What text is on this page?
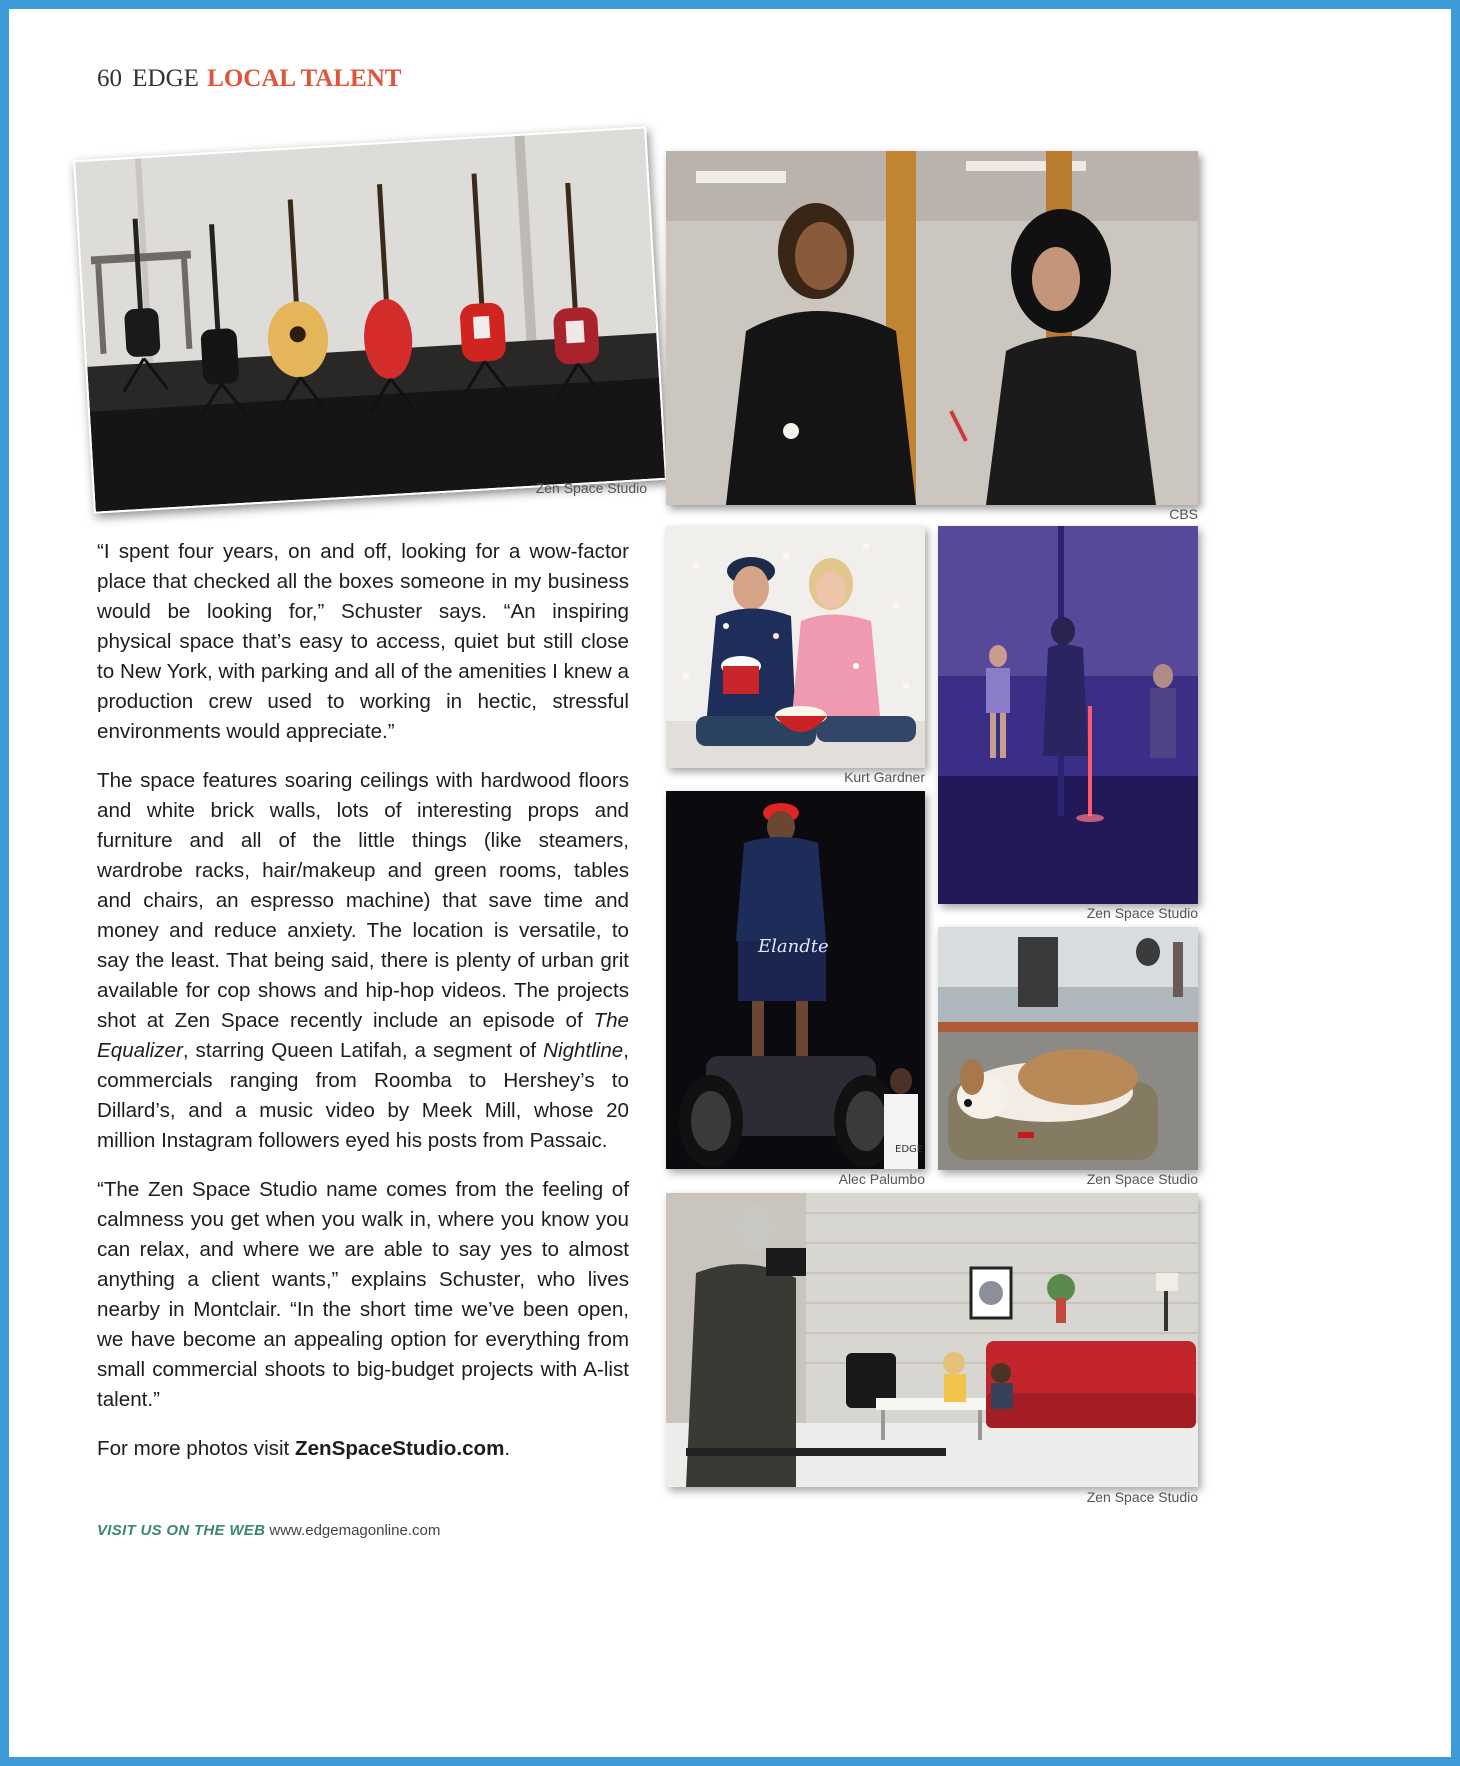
60 EDGE LOCAL TALENT
Zen Space Studio
CBS
Kurt Gardner
Zen Space Studio
Elandte
EDGE
Alec Palumbo	Zen Space Studio
Zen Space Studio

“I spent four years, on and off, looking for a wow-factor place that checked all the boxes someone in my business would be looking for,” Schuster says. “An inspiring physical space that’s easy to access, quiet but still close to New York, with parking and all of the amenities I knew a production crew used to working in hectic, stressful environments would appreciate.”

The space features soaring ceilings with hardwood floors and white brick walls, lots of interesting props and furniture and all of the little things (like steamers, wardrobe racks, hair/makeup and green rooms, tables and chairs, an espresso machine) that save time and money and reduce anxiety. The location is versatile, to say the least. That being said, there is plenty of urban grit available for cop shows and hip-hop videos. The projects shot at Zen Space recently include an episode of The Equalizer, starring Queen Latifah, a segment of Nightline, commercials ranging from Roomba to Hershey’s to Dillard’s, and a music video by Meek Mill, whose 20 million Instagram followers eyed his posts from Passaic.

“The Zen Space Studio name comes from the feeling of calmness you get when you walk in, where you know you can relax, and where we are able to say yes to almost anything a client wants,” explains Schuster, who lives nearby in Montclair. “In the short time we’ve been open, we have become an appealing option for everything from small commercial shoots to big-budget projects with A-list talent.”

For more photos visit ZenSpaceStudio.com.

VISIT US ON THE WEB www.edgemagonline.com
